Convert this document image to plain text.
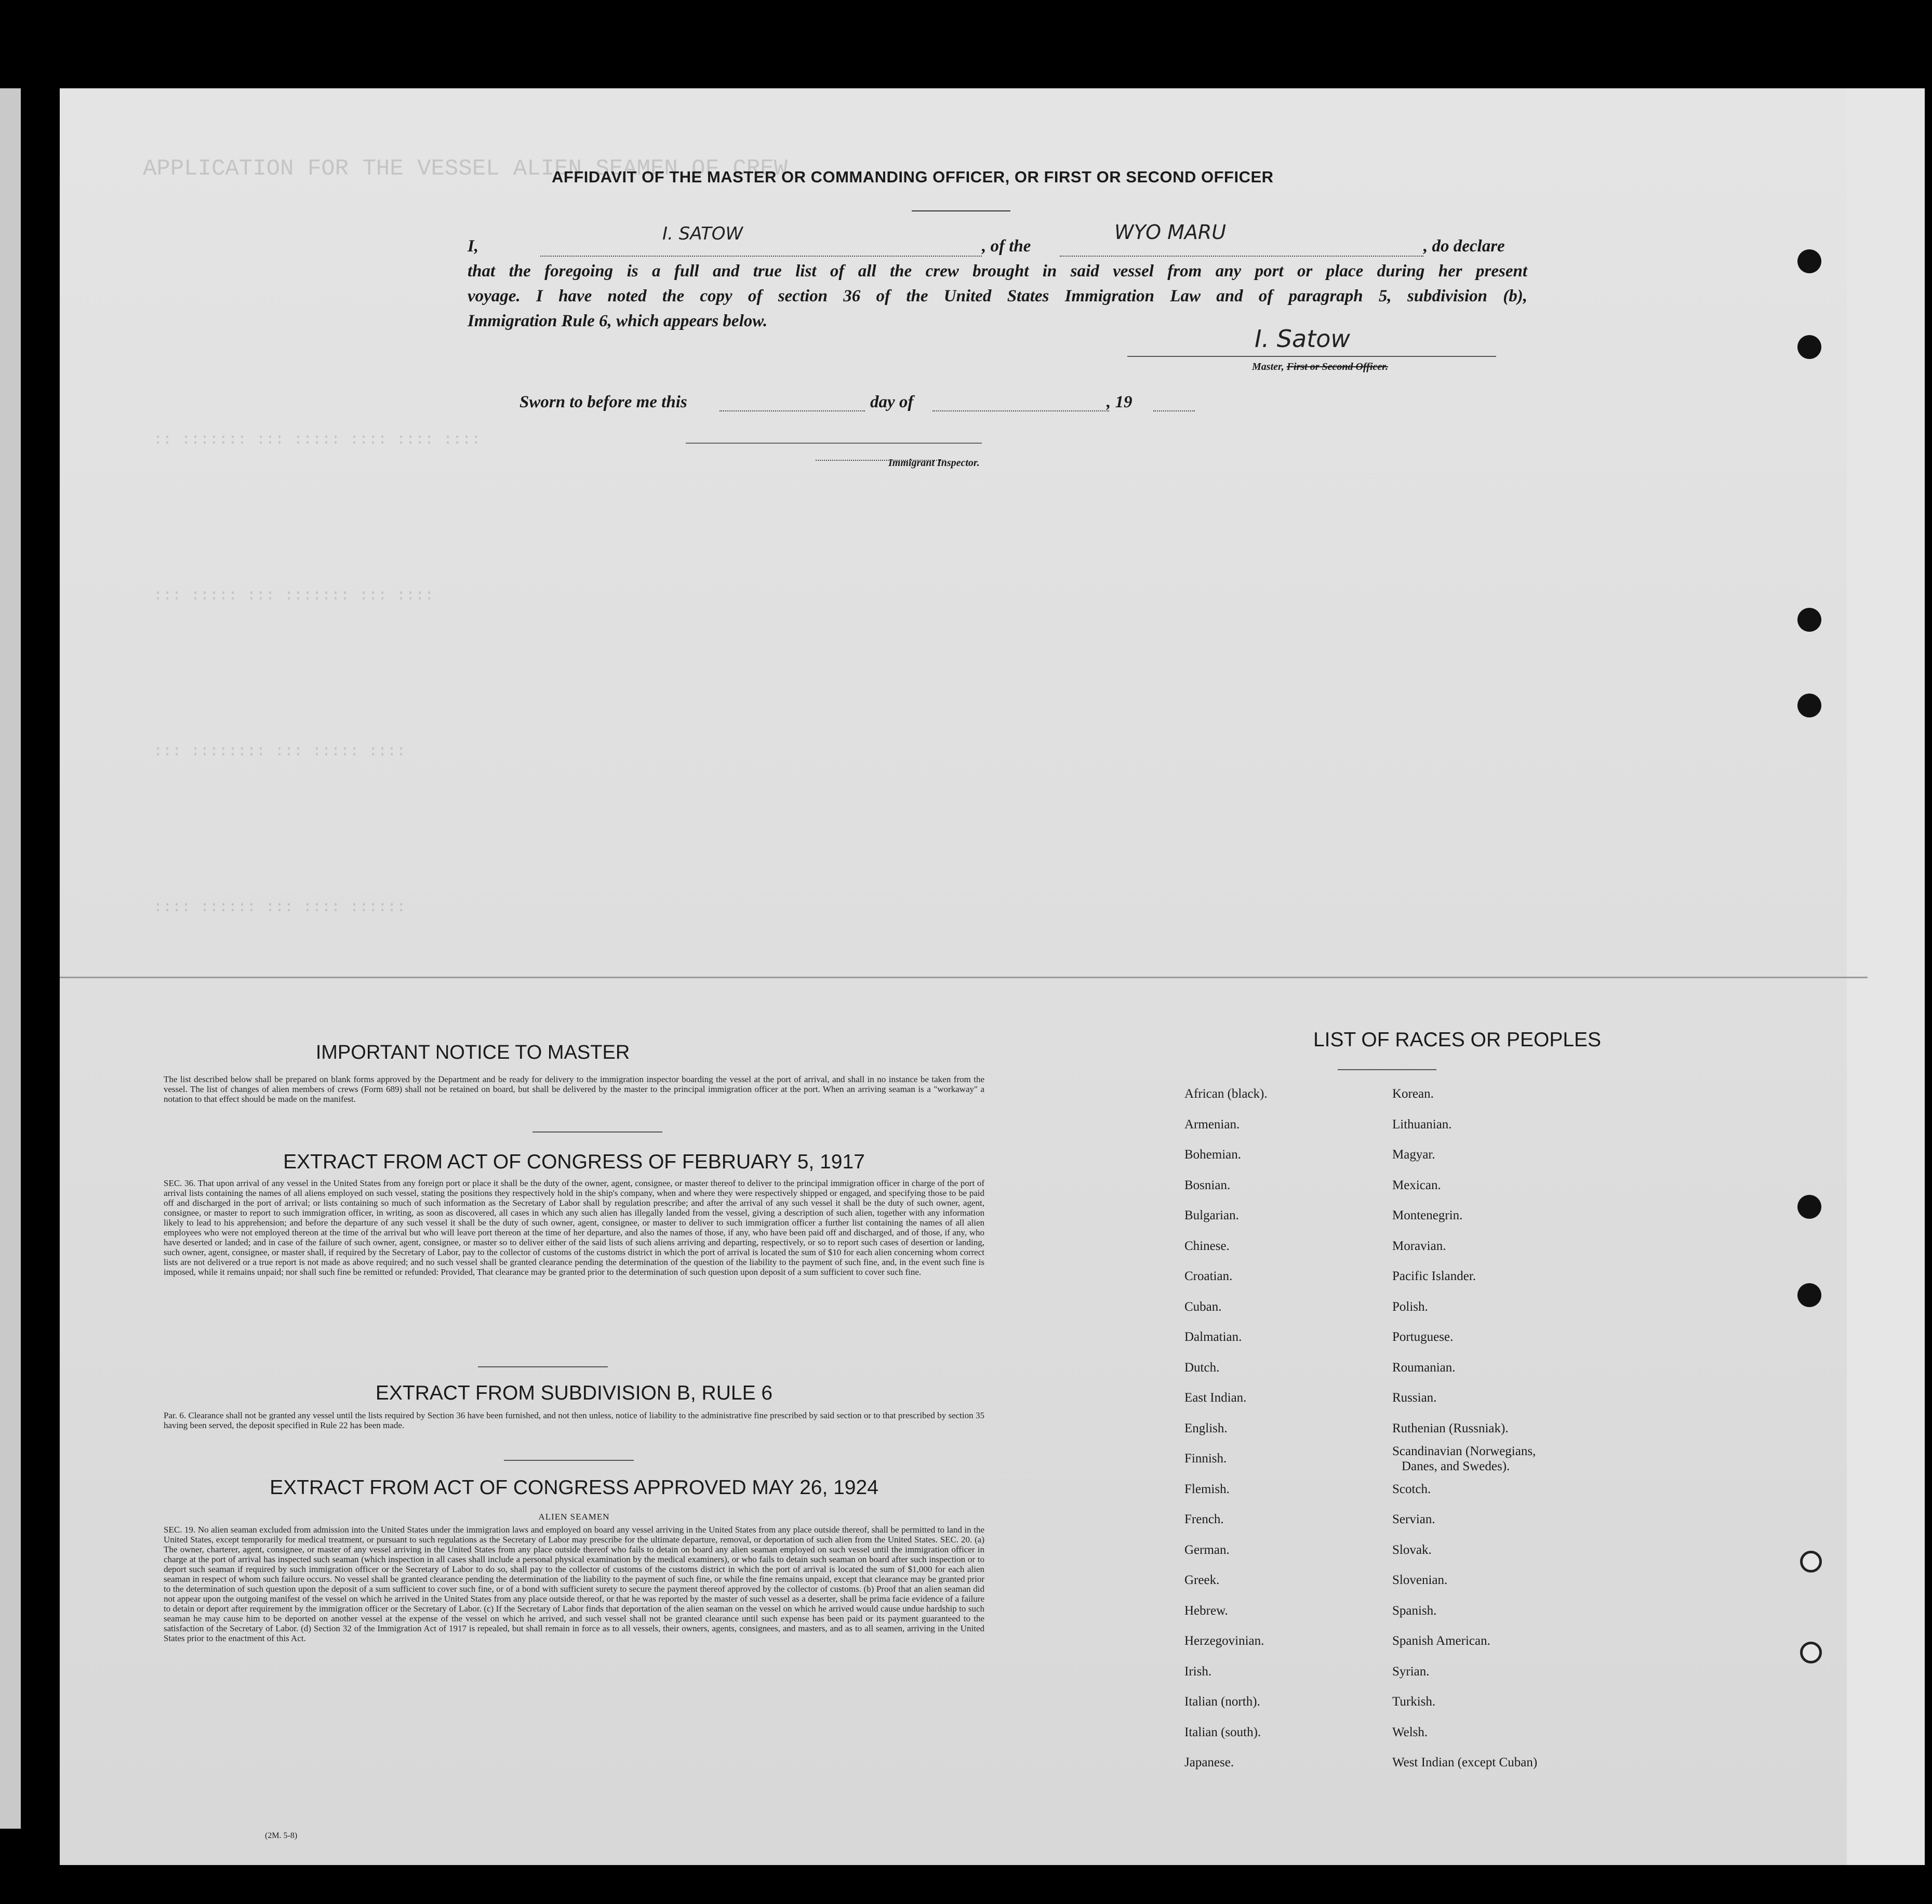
APPLICATION FOR THE VESSEL ALIEN SEAMEN OF CREW
:: ::::::: ::: ::::: :::: :::: ::::
::: ::::: ::: ::::::: ::: ::::
::: :::::::: ::: ::::: ::::
:::: :::::: ::: :::: ::::::
AFFIDAVIT OF THE MASTER OR COMMANDING OFFICER, OR FIRST OR SECOND OFFICER
I,
I. SATOW
, of the
WYO MARU
, do declare
that the foregoing is a full and true list of all the crew brought in said vessel from any port or place during her present
voyage. I have noted the copy of section 36 of the United States Immigration Law and of paragraph 5, subdivision (b),
Immigration Rule 6, which appears below.
I. Satow
Master, First or Second Officer.
Sworn to before me this	day of	, 19
Immigrant Inspector.
IMPORTANT NOTICE TO MASTER
The list described below shall be prepared on blank forms approved by the Department and be ready for delivery to the immigration inspector boarding the vessel at the port of arrival, and shall in no instance be taken from the vessel. The list of changes of alien members of crews (Form 689) shall not be retained on board, but shall be delivered by the master to the principal immigration officer at the port. When an arriving seaman is a "workaway" a notation to that effect should be made on the manifest.
EXTRACT FROM ACT OF CONGRESS OF FEBRUARY 5, 1917
SEC. 36. That upon arrival of any vessel in the United States from any foreign port or place it shall be the duty of the owner, agent, consignee, or master thereof to deliver to the principal immigration officer in charge of the port of arrival lists containing the names of all aliens employed on such vessel, stating the positions they respectively hold in the ship's company, when and where they were respectively shipped or engaged, and specifying those to be paid off and discharged in the port of arrival; or lists containing so much of such information as the Secretary of Labor shall by regulation prescribe; and after the arrival of any such vessel it shall be the duty of such owner, agent, consignee, or master to report to such immigration officer, in writing, as soon as discovered, all cases in which any such alien has illegally landed from the vessel, giving a description of such alien, together with any information likely to lead to his apprehension; and before the departure of any such vessel it shall be the duty of such owner, agent, consignee, or master to deliver to such immigration officer a further list containing the names of all alien employees who were not employed thereon at the time of the arrival but who will leave port thereon at the time of her departure, and also the names of those, if any, who have been paid off and discharged, and of those, if any, who have deserted or landed; and in case of the failure of such owner, agent, consignee, or master so to deliver either of the said lists of such aliens arriving and departing, respectively, or so to report such cases of desertion or landing, such owner, agent, consignee, or master shall, if required by the Secretary of Labor, pay to the collector of customs of the customs district in which the port of arrival is located the sum of $10 for each alien concerning whom correct lists are not delivered or a true report is not made as above required; and no such vessel shall be granted clearance pending the determination of the question of the liability to the payment of such fine, and, in the event such fine is imposed, while it remains unpaid; nor shall such fine be remitted or refunded: Provided, That clearance may be granted prior to the determination of such question upon deposit of a sum sufficient to cover such fine.
EXTRACT FROM SUBDIVISION B, RULE 6
Par. 6. Clearance shall not be granted any vessel until the lists required by Section 36 have been furnished, and not then unless, notice of liability to the administrative fine prescribed by said section or to that prescribed by section 35 having been served, the deposit specified in Rule 22 has been made.
EXTRACT FROM ACT OF CONGRESS APPROVED MAY 26, 1924
ALIEN SEAMEN
SEC. 19. No alien seaman excluded from admission into the United States under the immigration laws and employed on board any vessel arriving in the United States from any place outside thereof, shall be permitted to land in the United States, except temporarily for medical treatment, or pursuant to such regulations as the Secretary of Labor may prescribe for the ultimate departure, removal, or deportation of such alien from the United States. SEC. 20. (a) The owner, charterer, agent, consignee, or master of any vessel arriving in the United States from any place outside thereof who fails to detain on board any alien seaman employed on such vessel until the immigration officer in charge at the port of arrival has inspected such seaman (which inspection in all cases shall include a personal physical examination by the medical examiners), or who fails to detain such seaman on board after such inspection or to deport such seaman if required by such immigration officer or the Secretary of Labor to do so, shall pay to the collector of customs of the customs district in which the port of arrival is located the sum of $1,000 for each alien seaman in respect of whom such failure occurs. No vessel shall be granted clearance pending the determination of the liability to the payment of such fine, or while the fine remains unpaid, except that clearance may be granted prior to the determination of such question upon the deposit of a sum sufficient to cover such fine, or of a bond with sufficient surety to secure the payment thereof approved by the collector of customs. (b) Proof that an alien seaman did not appear upon the outgoing manifest of the vessel on which he arrived in the United States from any place outside thereof, or that he was reported by the master of such vessel as a deserter, shall be prima facie evidence of a failure to detain or deport after requirement by the immigration officer or the Secretary of Labor. (c) If the Secretary of Labor finds that deportation of the alien seaman on the vessel on which he arrived would cause undue hardship to such seaman he may cause him to be deported on another vessel at the expense of the vessel on which he arrived, and such vessel shall not be granted clearance until such expense has been paid or its payment guaranteed to the satisfaction of the Secretary of Labor. (d) Section 32 of the Immigration Act of 1917 is repealed, but shall remain in force as to all vessels, their owners, agents, consignees, and masters, and as to all seamen, arriving in the United States prior to the enactment of this Act.
(2M. 5-8)
LIST OF RACES OR PEOPLES
African (black).
Armenian.
Bohemian.
Bosnian.
Bulgarian.
Chinese.
Croatian.
Cuban.
Dalmatian.
Dutch.
East Indian.
English.
Finnish.
Flemish.
French.
German.
Greek.
Hebrew.
Herzegovinian.
Irish.
Italian (north).
Italian (south).
Japanese.
Korean.
Lithuanian.
Magyar.
Mexican.
Montenegrin.
Moravian.
Pacific Islander.
Polish.
Portuguese.
Roumanian.
Russian.
Ruthenian (Russniak).
Scandinavian (Norwegians,
Danes, and Swedes).
Scotch.
Servian.
Slovak.
Slovenian.
Spanish.
Spanish American.
Syrian.
Turkish.
Welsh.
West Indian (except Cuban)
